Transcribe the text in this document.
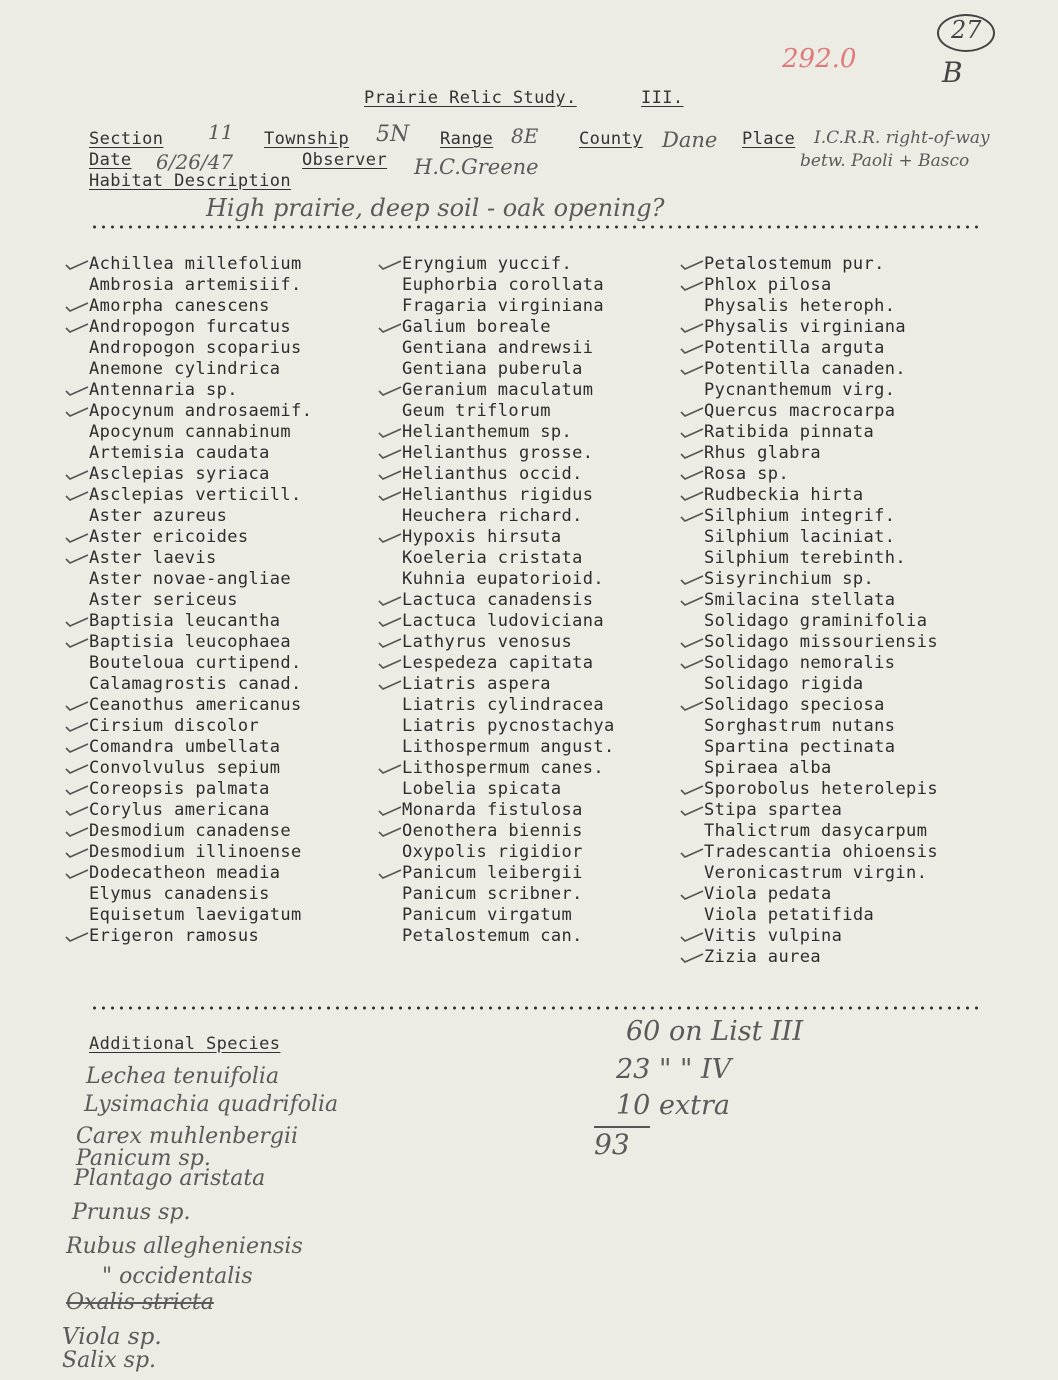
27
B
292.0
Prairie Relic Study.	III.
Section 11 Township 5N Range 8E County Dane Place I.C.R.R. right-of-way
betw. Paoli + Basco
Date 6/26/47	Observer H.C.Greene
Habitat Description
High prairie, deep soil - oak opening?
Achillea millefolium
Ambrosia artemisiif.
Amorpha canescens
Andropogon furcatus
Andropogon scoparius
Anemone cylindrica
Antennaria sp.
Apocynum androsaemif.
Apocynum cannabinum
Artemisia caudata
Asclepias syriaca
Asclepias verticill.
Aster azureus
Aster ericoides
Aster laevis
Aster novae-angliae
Aster sericeus
Baptisia leucantha
Baptisia leucophaea
Bouteloua curtipend.
Calamagrostis canad.
Ceanothus americanus
Cirsium discolor
Comandra umbellata
Convolvulus sepium
Coreopsis palmata
Corylus americana
Desmodium canadense
Desmodium illinoense
Dodecatheon meadia
Elymus canadensis
Equisetum laevigatum
Erigeron ramosus
Eryngium yuccif.
Euphorbia corollata
Fragaria virginiana
Galium boreale
Gentiana andrewsii
Gentiana puberula
Geranium maculatum
Geum triflorum
Helianthemum sp.
Helianthus grosse.
Helianthus occid.
Helianthus rigidus
Heuchera richard.
Hypoxis hirsuta
Koeleria cristata
Kuhnia eupatorioid.
Lactuca canadensis
Lactuca ludoviciana
Lathyrus venosus
Lespedeza capitata
Liatris aspera
Liatris cylindracea
Liatris pycnostachya
Lithospermum angust.
Lithospermum canes.
Lobelia spicata
Monarda fistulosa
Oenothera biennis
Oxypolis rigidior
Panicum leibergii
Panicum scribner.
Panicum virgatum
Petalostemum can.
Petalostemum pur.
Phlox pilosa
Physalis heteroph.
Physalis virginiana
Potentilla arguta
Potentilla canaden.
Pycnanthemum virg.
Quercus macrocarpa
Ratibida pinnata
Rhus glabra
Rosa sp.
Rudbeckia hirta
Silphium integrif.
Silphium laciniat.
Silphium terebinth.
Sisyrinchium sp.
Smilacina stellata
Solidago graminifolia
Solidago missouriensis
Solidago nemoralis
Solidago rigida
Solidago speciosa
Sorghastrum nutans
Spartina pectinata
Spiraea alba
Sporobolus heterolepis
Stipa spartea
Thalictrum dasycarpum
Tradescantia ohioensis
Veronicastrum virgin.
Viola pedata
Viola petatifida
Vitis vulpina
Zizia aurea
Additional Species
Lechea tenuifolia
Lysimachia quadrifolia
Carex muhlenbergii
Panicum sp.
Plantago aristata
Prunus sp.
Rubus allegheniensis
" occidentalis
Oxalis stricta
Viola sp.
Salix sp.
60 on List III
23 " " IV
10 extra
93
